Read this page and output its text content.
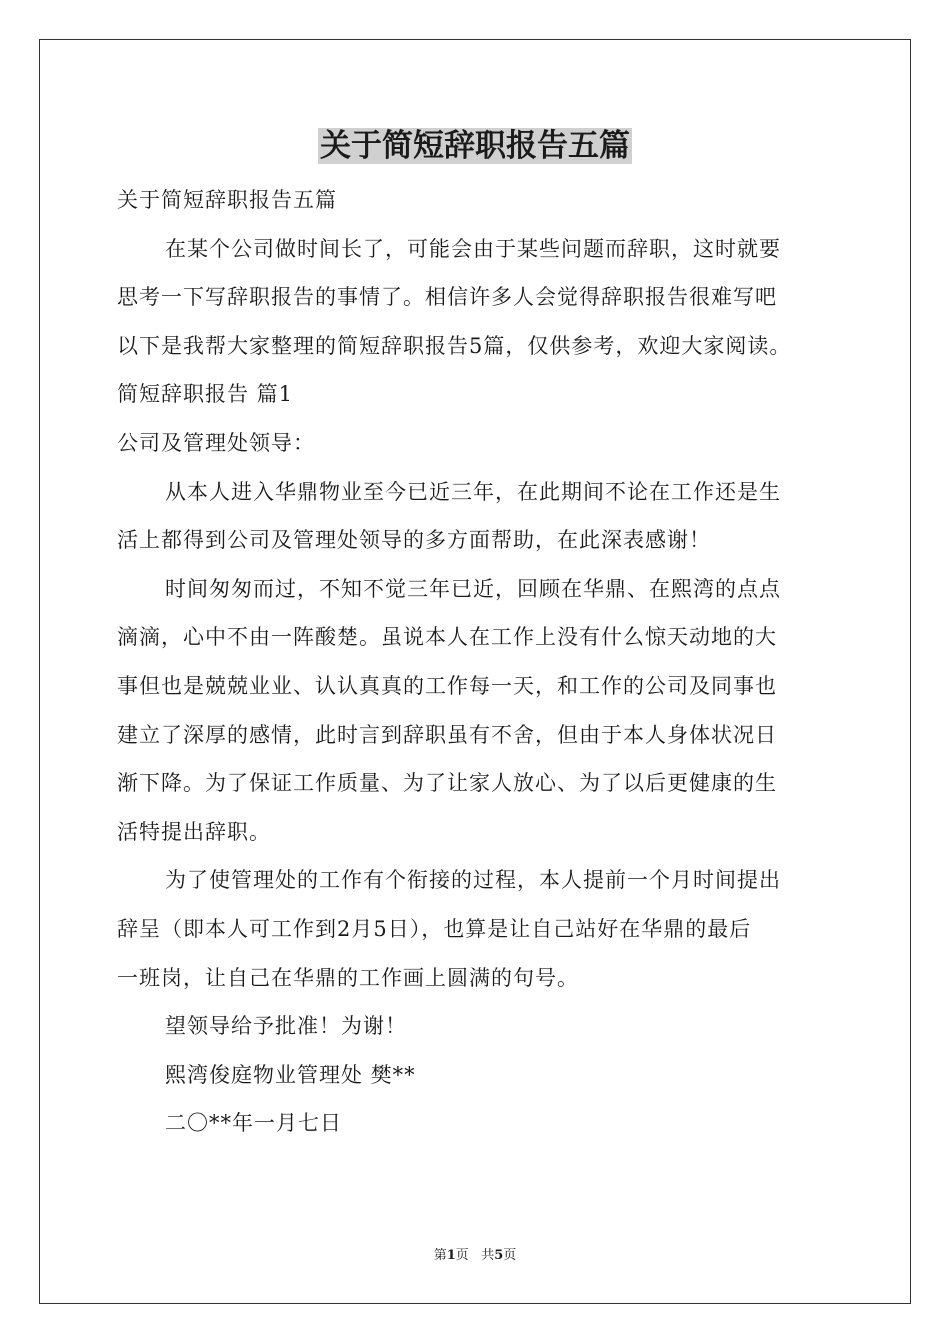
关于简短辞职报告五篇
关于简短辞职报告五篇
在某个公司做时间长了，可能会由于某些问题而辞职，这时就要
思考一下写辞职报告的事情了。相信许多人会觉得辞职报告很难写吧
以下是我帮大家整理的简短辞职报告5篇，仅供参考，欢迎大家阅读。
简短辞职报告 篇1
公司及管理处领导：
从本人进入华鼎物业至今已近三年，在此期间不论在工作还是生
活上都得到公司及管理处领导的多方面帮助，在此深表感谢！
时间匆匆而过，不知不觉三年已近，回顾在华鼎、在熙湾的点点
滴滴，心中不由一阵酸楚。虽说本人在工作上没有什么惊天动地的大
事但也是兢兢业业、认认真真的工作每一天，和工作的公司及同事也
建立了深厚的感情，此时言到辞职虽有不舍，但由于本人身体状况日
渐下降。为了保证工作质量、为了让家人放心、为了以后更健康的生
活特提出辞职。
为了使管理处的工作有个衔接的过程，本人提前一个月时间提出
辞呈（即本人可工作到2月5日），也算是让自己站好在华鼎的最后
一班岗，让自己在华鼎的工作画上圆满的句号。
望领导给予批准！为谢！
熙湾俊庭物业管理处 樊**
二〇**年一月七日
第1页 共5页
